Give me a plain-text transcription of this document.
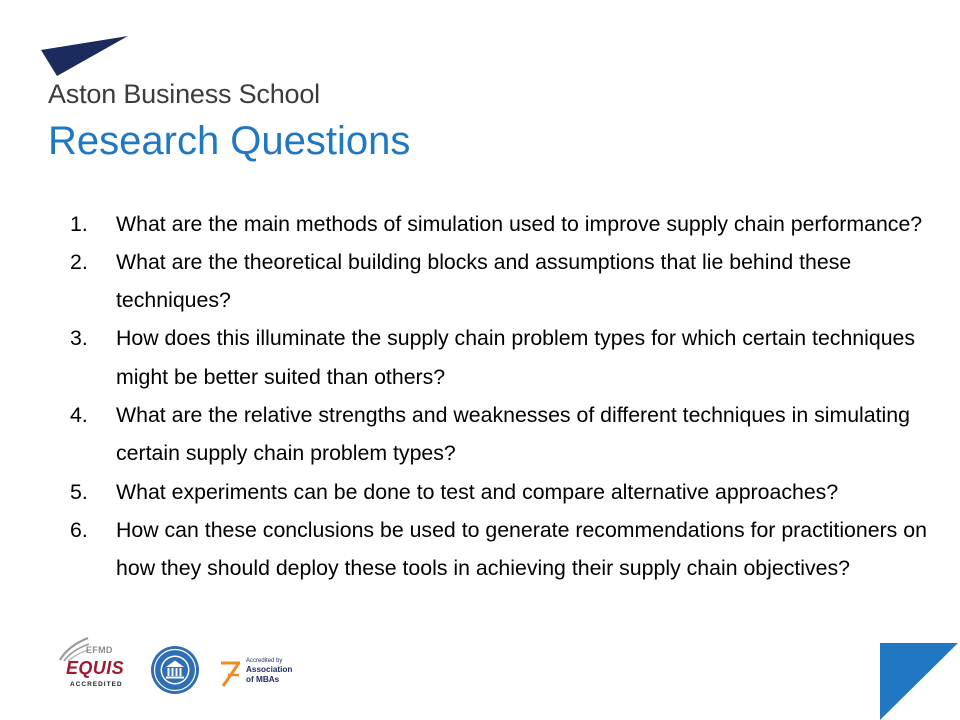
Aston Business School
Research Questions
1.	What are the main methods of simulation used to improve supply chain performance?
2.	What are the theoretical building blocks and assumptions that lie behind these techniques?
3.	How does this illuminate the supply chain problem types for which certain techniques might be better suited than others?
4.	What are the relative strengths and weaknesses of different techniques in simulating certain supply chain problem types?
5.	What experiments can be done to test and compare alternative approaches?
6.	How can these conclusions be used to generate recommendations for practitioners on how they should deploy these tools in achieving their supply chain objectives?
EFMD
EQUIS
ACCREDITED
Accredited by
Association
of MBAs
